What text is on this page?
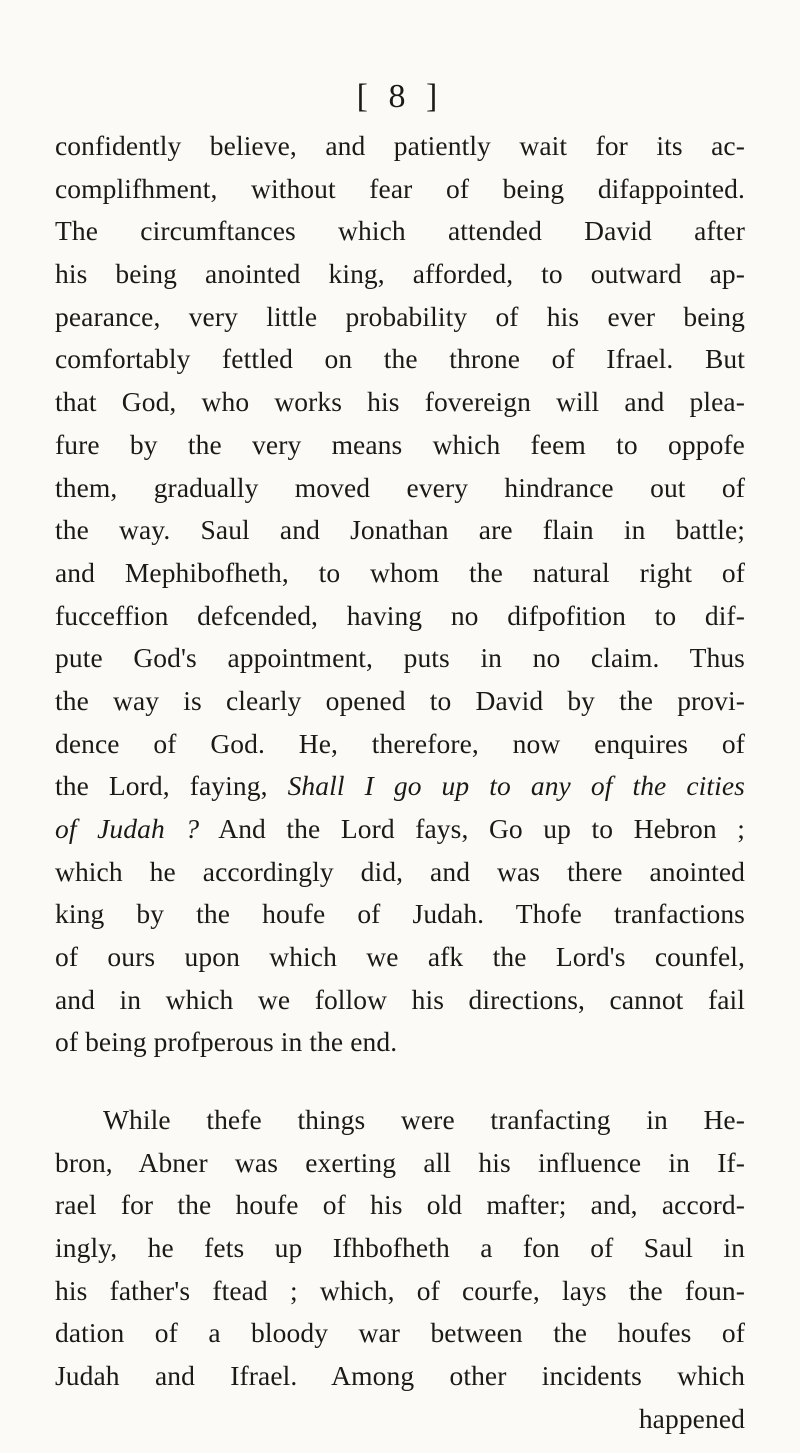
[ 8 ]
confidently believe, and patiently wait for its ac-
complifhment, without fear of being difappointed.
The circumftances which attended David after
his being anointed king, afforded, to outward ap-
pearance, very little probability of his ever being
comfortably fettled on the throne of Ifrael. But
that God, who works his fovereign will and plea-
fure by the very means which feem to oppofe
them, gradually moved every hindrance out of
the way. Saul and Jonathan are flain in battle;
and Mephibofheth, to whom the natural right of
fucceffion defcended, having no difpofition to dif-
pute God's appointment, puts in no claim. Thus
the way is clearly opened to David by the provi-
dence of God. He, therefore, now enquires of
the Lord, faying, Shall I go up to any of the cities
of Judah ? And the Lord fays, Go up to Hebron ;
which he accordingly did, and was there anointed
king by the houfe of Judah. Thofe tranfactions
of ours upon which we afk the Lord's counfel,
and in which we follow his directions, cannot fail
of being profperous in the end.
While thefe things were tranfacting in He-
bron, Abner was exerting all his influence in If-
rael for the houfe of his old mafter; and, accord-
ingly, he fets up Ifhbofheth a fon of Saul in
his father's ftead ; which, of courfe, lays the foun-
dation of a bloody war between the houfes of
Judah and Ifrael. Among other incidents which
happened
